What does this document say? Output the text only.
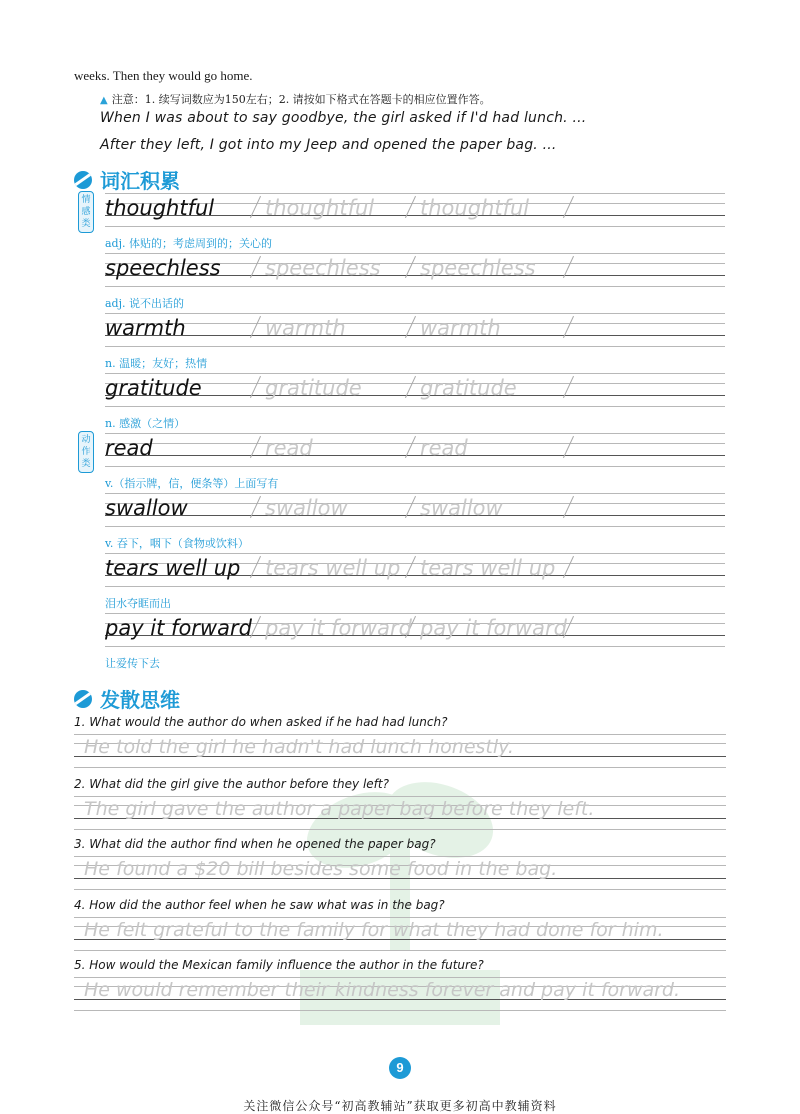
weeks. Then they would go home.
▲ 注意：1. 续写词数应为150左右；2. 请按如下格式在答题卡的相应位置作答。
When I was about to say goodbye, the girl asked if I'd had lunch. ...
After they left, I got into my Jeep and opened the paper bag. ...
词汇积累
情感类
动作类
thoughtful thoughtful thoughtful
adj. 体贴的；考虑周到的；关心的
speechless speechless speechless
adj. 说不出话的
warmth	warmth	warmth
n. 温暖；友好；热情
gratitude	gratitude	gratitude
n. 感激（之情）
read	read	read
v.（指示牌，信，便条等）上面写有
swallow	swallow	swallow
v. 吞下，咽下（食物或饮料）
tears well up tears well up tears well up
泪水夺眶而出
pay it forward pay it forward pay it forward
让爱传下去
发散思维
1. What would the author do when asked if he had had lunch?
He told the girl he hadn't had lunch honestly.
2. What did the girl give the author before they left?
The girl gave the author a paper bag before they left.
3. What did the author find when he opened the paper bag?
He found a $20 bill besides some food in the bag.
4. How did the author feel when he saw what was in the bag?
He felt grateful to the family for what they had done for him.
5. How would the Mexican family influence the author in the future?
He would remember their kindness forever and pay it forward.
9
关注微信公众号“初高教辅站”获取更多初高中教辅资料
